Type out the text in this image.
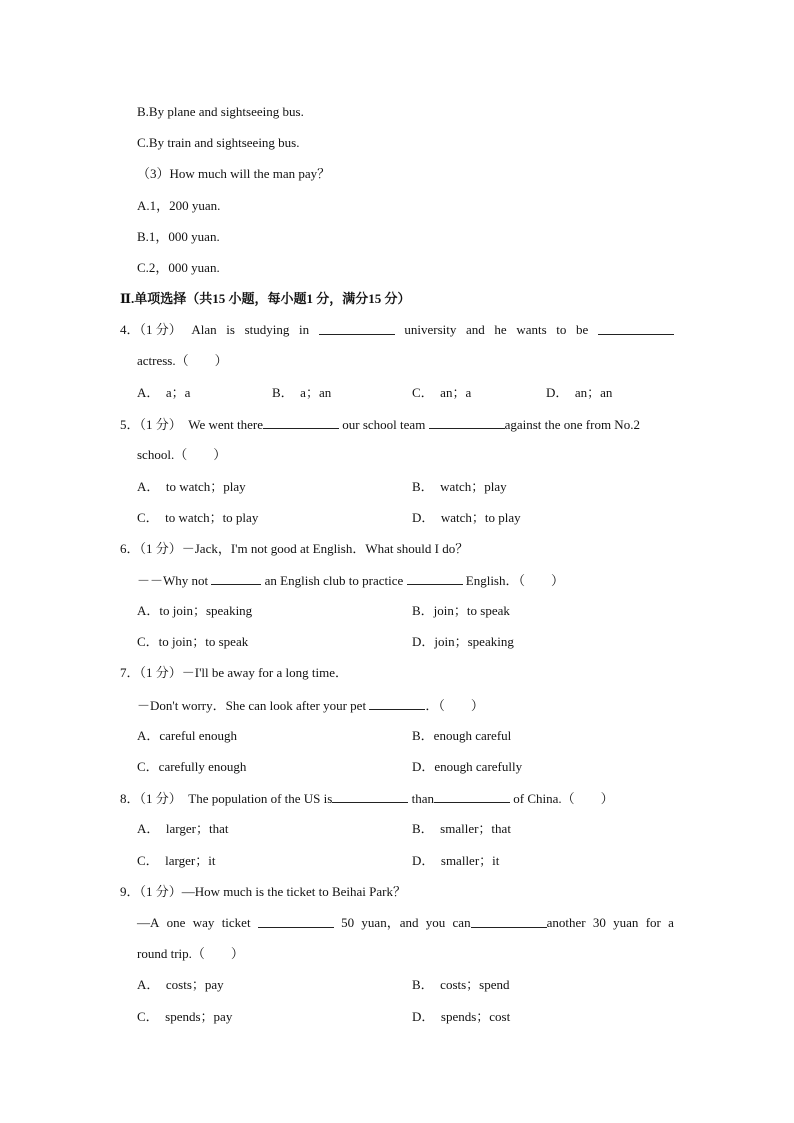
B.By plane and sightseeing bus.
C.By train and sightseeing bus.
（3）How much will the man pay？
A.1，200 yuan.
B.1，000 yuan.
C.2，000 yuan.
Ⅱ.单项选择（共15 小题，每小题1 分，满分15 分）
4．（1 分） Alan is studying in	university and he wants to be
actress.（　　）
A．　a；a	B．　a；an	C．　an；a	D．　an；an
5．（1 分） We went there	our school team	against the one from No.2
school.（　　）
A．　to watch；play	B．　watch；play
C．　to watch；to play	D．　watch；to play
6．（1 分）－Jack，I'm not good at English．What should I do？
－－Why not	an English club to practice	English．（　　）
A．to join；speaking	B．join；to speak
C．to join；to speak	D．join；speaking
7．（1 分）－I'll be away for a long time．
－Don't worry．She can look after your pet	．（　　）
A．careful enough	B．enough careful
C．carefully enough	D．enough carefully
8．（1 分） The population of the US is	than	of China.（　　）
A．　larger；that	B．　smaller；that
C．　larger；it	D．　smaller；it
9．（1 分）—How much is the ticket to Beihai Park？
—A one way ticket	50 yuan，and you can	another 30 yuan for a
round trip.（　　）
A．　costs；pay	B．　costs；spend
C．　spends；pay	D．　spends；cost
